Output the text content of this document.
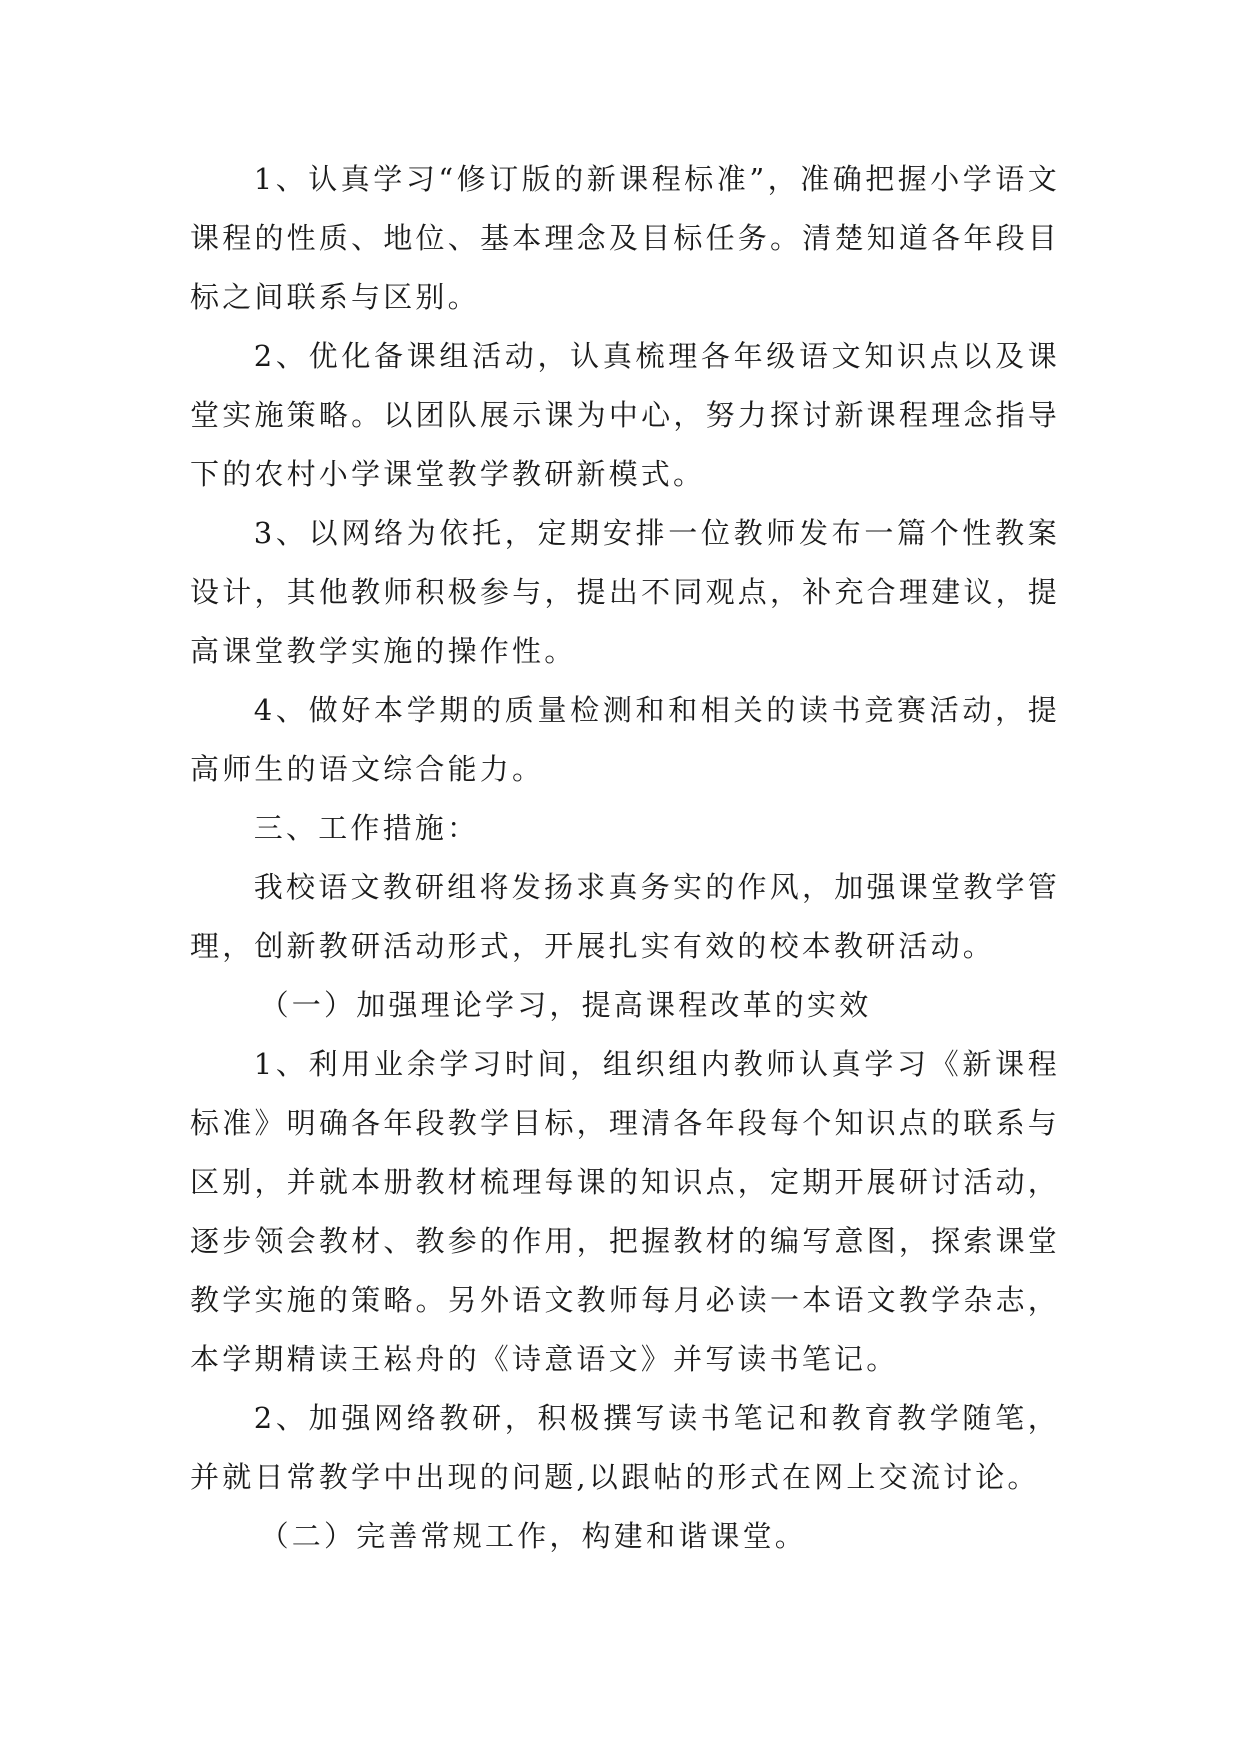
1、认真学习“修订版的新课程标准”，准确把握小学语文课程的性质、地位、基本理念及目标任务。清楚知道各年段目标之间联系与区别。

2、优化备课组活动，认真梳理各年级语文知识点以及课堂实施策略。以团队展示课为中心，努力探讨新课程理念指导下的农村小学课堂教学教研新模式。

3、以网络为依托，定期安排一位教师发布一篇个性教案设计，其他教师积极参与，提出不同观点，补充合理建议，提高课堂教学实施的操作性。

4、做好本学期的质量检测和和相关的读书竞赛活动，提高师生的语文综合能力。

三、工作措施：

我校语文教研组将发扬求真务实的作风，加强课堂教学管理，创新教研活动形式，开展扎实有效的校本教研活动。

（一）加强理论学习，提高课程改革的实效

1、利用业余学习时间，组织组内教师认真学习《新课程标准》明确各年段教学目标，理清各年段每个知识点的联系与区别，并就本册教材梳理每课的知识点，定期开展研讨活动，逐步领会教材、教参的作用，把握教材的编写意图，探索课堂教学实施的策略。另外语文教师每月必读一本语文教学杂志，本学期精读王崧舟的《诗意语文》并写读书笔记。

2、加强网络教研，积极撰写读书笔记和教育教学随笔，并就日常教学中出现的问题,以跟帖的形式在网上交流讨论。

（二）完善常规工作，构建和谐课堂。
